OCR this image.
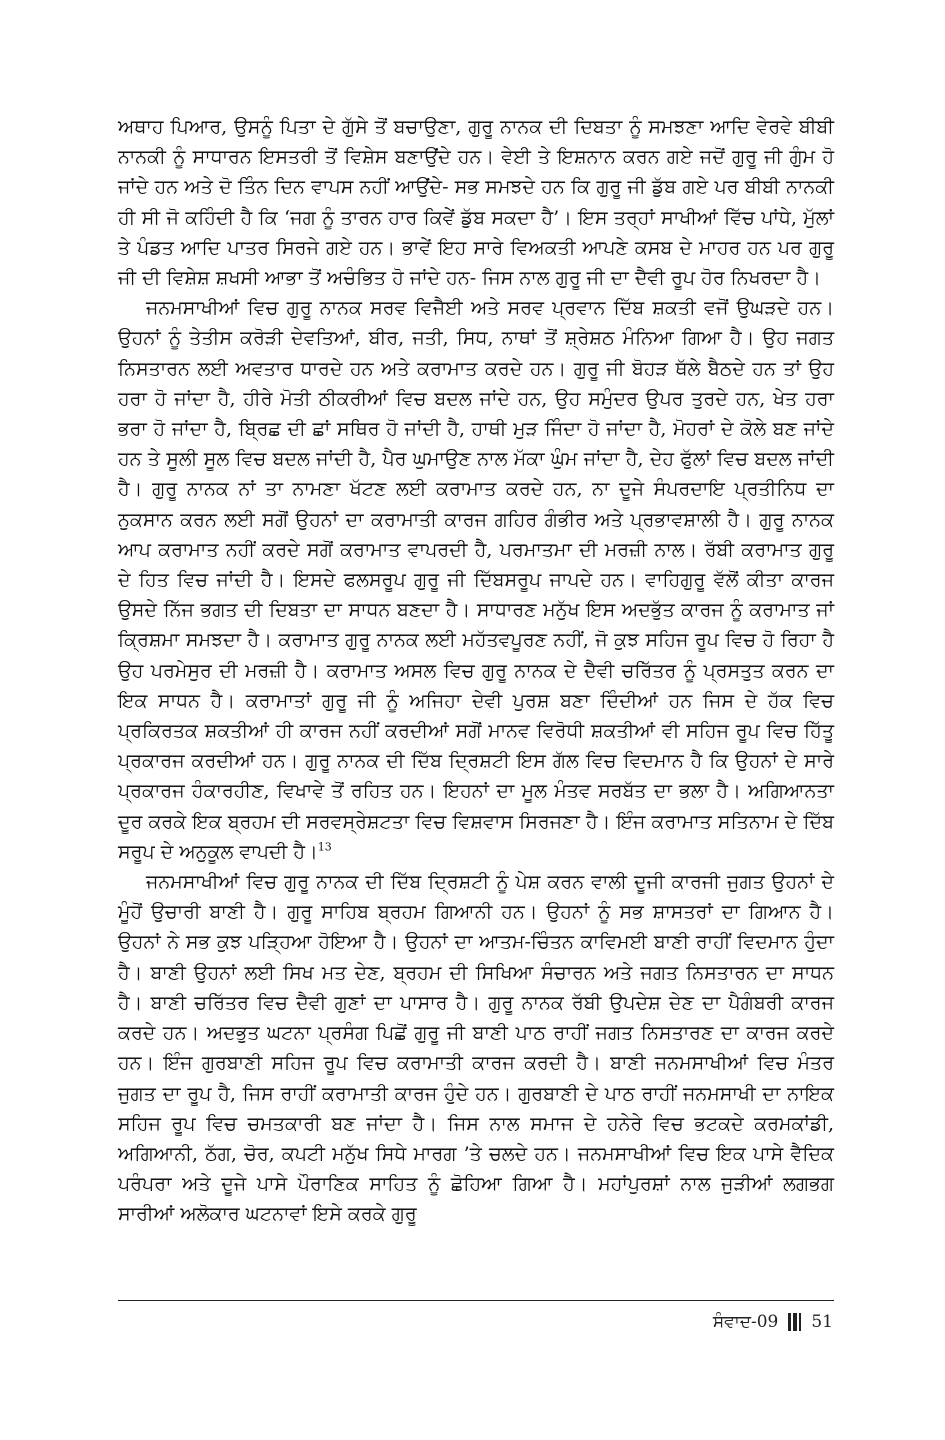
ਅਥਾਹ ਪਿਆਰ, ਉਸਨੂੰ ਪਿਤਾ ਦੇ ਗੁੱਸੇ ਤੋਂ ਬਚਾਉਣਾ, ਗੁਰੂ ਨਾਨਕ ਦੀ ਦਿਬਤਾ ਨੂੰ ਸਮਝਣਾ ਆਦਿ ਵੇਰਵੇ ਬੀਬੀ ਨਾਨਕੀ ਨੂੰ ਸਾਧਾਰਨ ਇਸਤਰੀ ਤੋਂ ਵਿਸ਼ੇਸ ਬਣਾਉਂਦੇ ਹਨ। ਵੇਈ ਤੇ ਇਸ਼ਨਾਨ ਕਰਨ ਗਏ ਜਦੋਂ ਗੁਰੂ ਜੀ ਗੁੰਮ ਹੋ ਜਾਂਦੇ ਹਨ ਅਤੇ ਦੋ ਤਿੰਨ ਦਿਨ ਵਾਪਸ ਨਹੀਂ ਆਉਂਦੇ- ਸਭ ਸਮਝਦੇ ਹਨ ਕਿ ਗੁਰੂ ਜੀ ਡੁੱਬ ਗਏ ਪਰ ਬੀਬੀ ਨਾਨਕੀ ਹੀ ਸੀ ਜੋ ਕਹਿੰਦੀ ਹੈ ਕਿ ‘ਜਗ ਨੂੰ ਤਾਰਨ ਹਾਰ ਕਿਵੇਂ ਡੁੱਬ ਸਕਦਾ ਹੈ’। ਇਸ ਤਰ੍ਹਾਂ ਸਾਖੀਆਂ ਵਿੱਚ ਪਾਂਧੇ, ਮੁੱਲਾਂ ਤੇ ਪੰਡਤ ਆਦਿ ਪਾਤਰ ਸਿਰਜੇ ਗਏ ਹਨ। ਭਾਵੇਂ ਇਹ ਸਾਰੇ ਵਿਅਕਤੀ ਆਪਣੇ ਕਸਬ ਦੇ ਮਾਹਰ ਹਨ ਪਰ ਗੁਰੂ ਜੀ ਦੀ ਵਿਸ਼ੇਸ਼ ਸ਼ਖਸੀ ਆਭਾ ਤੋਂ ਅਚੰਭਿਤ ਹੋ ਜਾਂਦੇ ਹਨ- ਜਿਸ ਨਾਲ ਗੁਰੂ ਜੀ ਦਾ ਦੈਵੀ ਰੂਪ ਹੋਰ ਨਿਖਰਦਾ ਹੈ।

ਜਨਮਸਾਖੀਆਂ ਵਿਚ ਗੁਰੂ ਨਾਨਕ ਸਰਵ ਵਿਜੈਈ ਅਤੇ ਸਰਵ ਪ੍ਰਵਾਨ ਦਿੱਬ ਸ਼ਕਤੀ ਵਜੋਂ ਉਘੜਦੇ ਹਨ। ਉਹਨਾਂ ਨੂੰ ਤੇਤੀਸ ਕਰੋੜੀ ਦੇਵਤਿਆਂ, ਬੀਰ, ਜਤੀ, ਸਿਧ, ਨਾਥਾਂ ਤੋਂ ਸ਼੍ਰੇਸ਼ਠ ਮੰਨਿਆ ਗਿਆ ਹੈ। ਉਹ ਜਗਤ ਨਿਸਤਾਰਨ ਲਈ ਅਵਤਾਰ ਧਾਰਦੇ ਹਨ ਅਤੇ ਕਰਾਮਾਤ ਕਰਦੇ ਹਨ। ਗੁਰੂ ਜੀ ਬੋਹੜ ਥੱਲੇ ਬੈਠਦੇ ਹਨ ਤਾਂ ਉਹ ਹਰਾ ਹੋ ਜਾਂਦਾ ਹੈ, ਹੀਰੇ ਮੋਤੀ ਠੀਕਰੀਆਂ ਵਿਚ ਬਦਲ ਜਾਂਦੇ ਹਨ, ਉਹ ਸਮੁੰਦਰ ਉਪਰ ਤੁਰਦੇ ਹਨ, ਖੇਤ ਹਰਾ ਭਰਾ ਹੋ ਜਾਂਦਾ ਹੈ, ਬ੍ਰਿਛ ਦੀ ਛਾਂ ਸਥਿਰ ਹੋ ਜਾਂਦੀ ਹੈ, ਹਾਥੀ ਮੁੜ ਜਿੰਦਾ ਹੋ ਜਾਂਦਾ ਹੈ, ਮੋਹਰਾਂ ਦੇ ਕੋਲੇ ਬਣ ਜਾਂਦੇ ਹਨ ਤੇ ਸੂਲੀ ਸੂਲ ਵਿਚ ਬਦਲ ਜਾਂਦੀ ਹੈ, ਪੈਰ ਘੁਮਾਉਣ ਨਾਲ ਮੱਕਾ ਘੁੰਮ ਜਾਂਦਾ ਹੈ, ਦੇਹ ਫੁੱਲਾਂ ਵਿਚ ਬਦਲ ਜਾਂਦੀ ਹੈ। ਗੁਰੂ ਨਾਨਕ ਨਾਂ ਤਾ ਨਾਮਣਾ ਖੱਟਣ ਲਈ ਕਰਾਮਾਤ ਕਰਦੇ ਹਨ, ਨਾ ਦੂਜੇ ਸੰਪਰਦਾਇ ਪ੍ਰਤੀਨਿਧ ਦਾ ਨੁਕਸਾਨ ਕਰਨ ਲਈ ਸਗੋਂ ਉਹਨਾਂ ਦਾ ਕਰਾਮਾਤੀ ਕਾਰਜ ਗਹਿਰ ਗੰਭੀਰ ਅਤੇ ਪ੍ਰਭਾਵਸ਼ਾਲੀ ਹੈ। ਗੁਰੂ ਨਾਨਕ ਆਪ ਕਰਾਮਾਤ ਨਹੀਂ ਕਰਦੇ ਸਗੋਂ ਕਰਾਮਾਤ ਵਾਪਰਦੀ ਹੈ, ਪਰਮਾਤਮਾ ਦੀ ਮਰਜ਼ੀ ਨਾਲ। ਰੱਬੀ ਕਰਾਮਾਤ ਗੁਰੂ ਦੇ ਹਿਤ ਵਿਚ ਜਾਂਦੀ ਹੈ। ਇਸਦੇ ਫਲਸਰੂਪ ਗੁਰੂ ਜੀ ਦਿੱਬਸਰੂਪ ਜਾਪਦੇ ਹਨ। ਵਾਹਿਗੁਰੂ ਵੱਲੋਂ ਕੀਤਾ ਕਾਰਜ ਉਸਦੇ ਨਿੱਜ ਭਗਤ ਦੀ ਦਿਬਤਾ ਦਾ ਸਾਧਨ ਬਣਦਾ ਹੈ। ਸਾਧਾਰਣ ਮਨੁੱਖ ਇਸ ਅਦਭੁੱਤ ਕਾਰਜ ਨੂੰ ਕਰਾਮਾਤ ਜਾਂ ਕ੍ਰਿਸ਼ਮਾ ਸਮਝਦਾ ਹੈ। ਕਰਾਮਾਤ ਗੁਰੂ ਨਾਨਕ ਲਈ ਮਹੱਤਵਪੂਰਣ ਨਹੀਂ, ਜੋ ਕੁਝ ਸਹਿਜ ਰੂਪ ਵਿਚ ਹੋ ਰਿਹਾ ਹੈ ਉਹ ਪਰਮੇਸੁਰ ਦੀ ਮਰਜ਼ੀ ਹੈ। ਕਰਾਮਾਤ ਅਸਲ ਵਿਚ ਗੁਰੂ ਨਾਨਕ ਦੇ ਦੈਵੀ ਚਰਿੱਤਰ ਨੂੰ ਪ੍ਰਸਤੁਤ ਕਰਨ ਦਾ ਇਕ ਸਾਧਨ ਹੈ। ਕਰਾਮਾਤਾਂ ਗੁਰੂ ਜੀ ਨੂੰ ਅਜਿਹਾ ਦੇਵੀ ਪੁਰਸ਼ ਬਣਾ ਦਿੰਦੀਆਂ ਹਨ ਜਿਸ ਦੇ ਹੱਕ ਵਿਚ ਪ੍ਰਕਿਰਤਕ ਸ਼ਕਤੀਆਂ ਹੀ ਕਾਰਜ ਨਹੀਂ ਕਰਦੀਆਂ ਸਗੋਂ ਮਾਨਵ ਵਿਰੋਧੀ ਸ਼ਕਤੀਆਂ ਵੀ ਸਹਿਜ ਰੂਪ ਵਿਚ ਹਿੱਤੂ ਪ੍ਰਕਾਰਜ ਕਰਦੀਆਂ ਹਨ। ਗੁਰੂ ਨਾਨਕ ਦੀ ਦਿੱਬ ਦ੍ਰਿਸ਼ਟੀ ਇਸ ਗੱਲ ਵਿਚ ਵਿਦਮਾਨ ਹੈ ਕਿ ਉਹਨਾਂ ਦੇ ਸਾਰੇ ਪ੍ਰਕਾਰਜ ਹੰਕਾਰਹੀਣ, ਵਿਖਾਵੇ ਤੋਂ ਰਹਿਤ ਹਨ। ਇਹਨਾਂ ਦਾ ਮੂਲ ਮੰਤਵ ਸਰਬੱਤ ਦਾ ਭਲਾ ਹੈ। ਅਗਿਆਨਤਾ ਦੂਰ ਕਰਕੇ ਇਕ ਬ੍ਰਹਮ ਦੀ ਸਰਵਸ੍ਰੇਸ਼ਟਤਾ ਵਿਚ ਵਿਸ਼ਵਾਸ ਸਿਰਜਣਾ ਹੈ। ਇੰਜ ਕਰਾਮਾਤ ਸਤਿਨਾਮ ਦੇ ਦਿੱਬ ਸਰੂਪ ਦੇ ਅਨੁਕੂਲ ਵਾਪਦੀ ਹੈ।$^{13}$

ਜਨਮਸਾਖੀਆਂ ਵਿਚ ਗੁਰੂ ਨਾਨਕ ਦੀ ਦਿੱਬ ਦ੍ਰਿਸ਼ਟੀ ਨੂੰ ਪੇਸ਼ ਕਰਨ ਵਾਲੀ ਦੂਜੀ ਕਾਰਜੀ ਜੁਗਤ ਉਹਨਾਂ ਦੇ ਮੂੰਹੋਂ ਉਚਾਰੀ ਬਾਣੀ ਹੈ। ਗੁਰੂ ਸਾਹਿਬ ਬ੍ਰਹਮ ਗਿਆਨੀ ਹਨ। ਉਹਨਾਂ ਨੂੰ ਸਭ ਸ਼ਾਸਤਰਾਂ ਦਾ ਗਿਆਨ ਹੈ। ਉਹਨਾਂ ਨੇ ਸਭ ਕੁਝ ਪੜ੍ਹਿਆ ਹੋਇਆ ਹੈ। ਉਹਨਾਂ ਦਾ ਆਤਮ-ਚਿੰਤਨ ਕਾਵਿਮਈ ਬਾਣੀ ਰਾਹੀਂ ਵਿਦਮਾਨ ਹੁੰਦਾ ਹੈ। ਬਾਣੀ ਉਹਨਾਂ ਲਈ ਸਿਖ ਮਤ ਦੇਣ, ਬ੍ਰਹਮ ਦੀ ਸਿਖਿਆ ਸੰਚਾਰਨ ਅਤੇ ਜਗਤ ਨਿਸਤਾਰਨ ਦਾ ਸਾਧਨ ਹੈ। ਬਾਣੀ ਚਰਿੱਤਰ ਵਿਚ ਦੈਵੀ ਗੁਣਾਂ ਦਾ ਪਾਸਾਰ ਹੈ। ਗੁਰੂ ਨਾਨਕ ਰੱਬੀ ਉਪਦੇਸ਼ ਦੇਣ ਦਾ ਪੈਗੰਬਰੀ ਕਾਰਜ ਕਰਦੇ ਹਨ। ਅਦਭੁਤ ਘਟਨਾ ਪ੍ਰਸੰਗ ਪਿਛੋਂ ਗੁਰੂ ਜੀ ਬਾਣੀ ਪਾਠ ਰਾਹੀਂ ਜਗਤ ਨਿਸਤਾਰਣ ਦਾ ਕਾਰਜ ਕਰਦੇ ਹਨ। ਇੰਜ ਗੁਰਬਾਣੀ ਸਹਿਜ ਰੂਪ ਵਿਚ ਕਰਾਮਾਤੀ ਕਾਰਜ ਕਰਦੀ ਹੈ। ਬਾਣੀ ਜਨਮਸਾਖੀਆਂ ਵਿਚ ਮੰਤਰ ਜੁਗਤ ਦਾ ਰੂਪ ਹੈ, ਜਿਸ ਰਾਹੀਂ ਕਰਾਮਾਤੀ ਕਾਰਜ ਹੁੰਦੇ ਹਨ। ਗੁਰਬਾਣੀ ਦੇ ਪਾਠ ਰਾਹੀਂ ਜਨਮਸਾਖੀ ਦਾ ਨਾਇਕ ਸਹਿਜ ਰੂਪ ਵਿਚ ਚਮਤਕਾਰੀ ਬਣ ਜਾਂਦਾ ਹੈ। ਜਿਸ ਨਾਲ ਸਮਾਜ ਦੇ ਹਨੇਰੇ ਵਿਚ ਭਟਕਦੇ ਕਰਮਕਾਂਡੀ, ਅਗਿਆਨੀ, ਠੱਗ, ਚੋਰ, ਕਪਟੀ ਮਨੁੱਖ ਸਿਧੇ ਮਾਰਗ ’ਤੇ ਚਲਦੇ ਹਨ। ਜਨਮਸਾਖੀਆਂ ਵਿਚ ਇਕ ਪਾਸੇ ਵੈਦਿਕ ਪਰੰਪਰਾ ਅਤੇ ਦੂਜੇ ਪਾਸੇ ਪੌਰਾਣਿਕ ਸਾਹਿਤ ਨੂੰ ਛੋਹਿਆ ਗਿਆ ਹੈ। ਮਹਾਂਪੁਰਸ਼ਾਂ ਨਾਲ ਜੁੜੀਆਂ ਲਗਭਗ ਸਾਰੀਆਂ ਅਲੋਕਾਰ ਘਟਨਾਵਾਂ ਇਸੇ ਕਰਕੇ ਗੁਰੂ

ਸੰਵਾਦ-09 51
